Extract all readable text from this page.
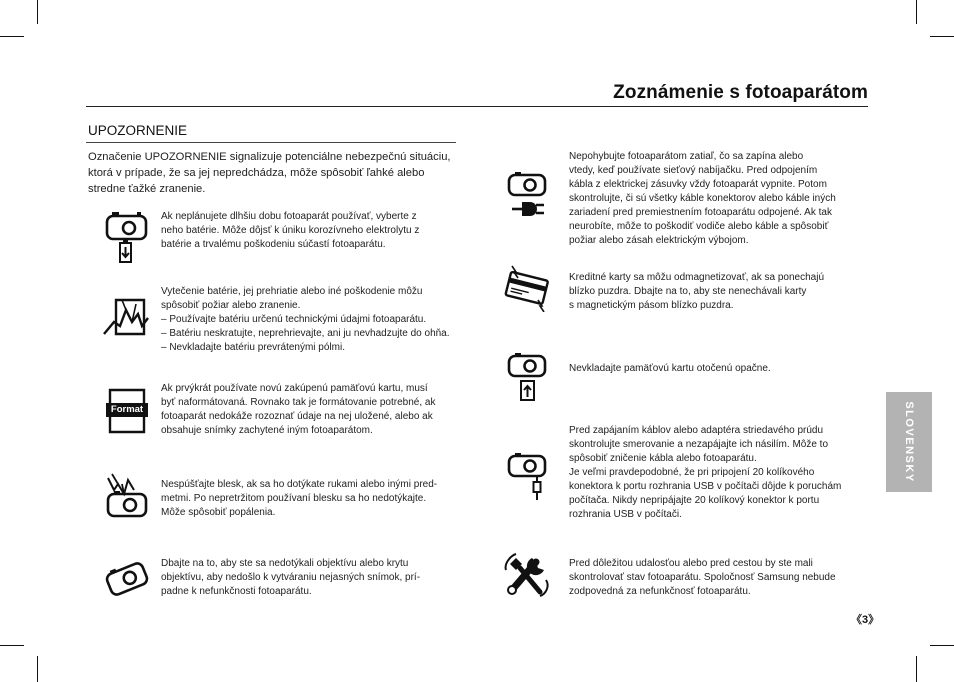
Zoznámenie s fotoaparátom
UPOZORNENIE
Označenie UPOZORNENIE signalizuje potenciálne nebezpečnú situáciu, ktorá v prípade, že sa jej nepredchádza, môže spôsobiť ľahké alebo stredne ťažké zranenie.

Ak neplánujete dlhšiu dobu fotoaparát používať, vyberte z

neho batérie. Môže dôjsť k úniku korozívneho elektrolytu z

batérie a trvalému poškodeniu súčastí fotoaparátu.

Vytečenie batérie, jej prehriatie alebo iné poškodenie môžu

spôsobiť požiar alebo zranenie.

– Používajte batériu určenú technickými údajmi fotoaparátu.

– Batériu neskratujte, neprehrievajte, ani ju nevhadzujte do ohňa.

– Nevkladajte batériu prevrátenými pólmi.

Format

Ak prvýkrát používate novú zakúpenú pamäťovú kartu, musí

byť naformátovaná. Rovnako tak je formátovanie potrebné, ak

fotoaparát nedokáže rozoznať údaje na nej uložené, alebo ak

obsahuje snímky zachytené iným fotoaparátom.

Nespúšťajte blesk, ak sa ho dotýkate rukami alebo inými pred-

metmi. Po nepretržitom používaní blesku sa ho nedotýkajte.

Môže spôsobiť popálenia.

Dbajte na to, aby ste sa nedotýkali objektívu alebo krytu

objektívu, aby nedošlo k vytváraniu nejasných snímok, prí-

padne k nefunkčnosti fotoaparátu.

Nepohybujte fotoaparátom zatiaľ, čo sa zapína alebo

vtedy, keď používate sieťový nabíjačku. Pred odpojením

kábla z elektrickej zásuvky vždy fotoaparát vypnite. Potom

skontrolujte, či sú všetky káble konektorov alebo káble iných

zariadení pred premiestnením fotoaparátu odpojené. Ak tak

neurobíte, môže to poškodiť vodiče alebo káble a spôsobiť

požiar alebo zásah elektrickým výbojom.

Kreditné karty sa môžu odmagnetizovať, ak sa ponechajú

blízko puzdra. Dbajte na to, aby ste nenechávali karty

s magnetickým pásom blízko puzdra.

Nevkladajte pamäťovú kartu otočenú opačne.

Pred zapájaním káblov alebo adaptéra striedavého prúdu

skontrolujte smerovanie a nezapájajte ich násilím. Môže to

spôsobiť zničenie kábla alebo fotoaparátu.

Je veľmi pravdepodobné, že pri pripojení 20 kolíkového

konektora k portu rozhrania USB v počítači dôjde k poruchám

počítača. Nikdy nepripájajte 20 kolíkový konektor k portu

rozhrania USB v počítači.

Pred dôležitou udalosťou alebo pred cestou by ste mali

skontrolovať stav fotoaparátu. Spoločnosť Samsung nebude

zodpovedná za nefunkčnosť fotoaparátu.

SLOVENSKY
《3》
